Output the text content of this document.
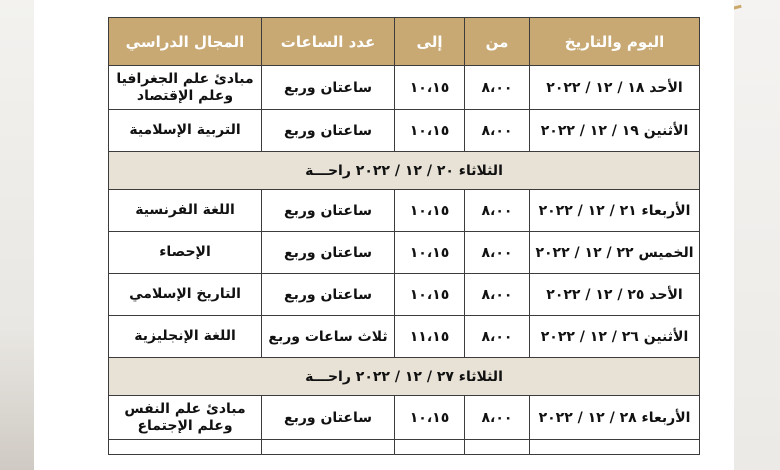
اليوم والتاريخ	من	إلى	عدد الساعات	المجال الدراسي
الأحد ١٨ / ١٢ / ٢٠٢٢	٨،٠٠	١٠،١٥	ساعتان وربع	مبادئ علم الجغرافيا
وعلم الإقتصاد

الأثنين ١٩ / ١٢ / ٢٠٢٢	٨،٠٠	١٠،١٥	ساعتان وربع	التربية الإسلامية
الثلاثاء ٢٠ / ١٢ / ٢٠٢٢ راحـــة				
الأربعاء ٢١ / ١٢ / ٢٠٢٢	٨،٠٠	١٠،١٥	ساعتان وربع	اللغة الفرنسية
الخميس ٢٢ / ١٢ / ٢٠٢٢	٨،٠٠	١٠،١٥	ساعتان وربع	الإحصاء
الأحد ٢٥ / ١٢ / ٢٠٢٢	٨،٠٠	١٠،١٥	ساعتان وربع	التاريخ الإسلامي
الأثنين ٢٦ / ١٢ / ٢٠٢٢	٨،٠٠	١١،١٥	ثلاث ساعات وربع	اللغة الإنجليزية
الثلاثاء ٢٧ / ١٢ / ٢٠٢٢ راحـــة				
الأربعاء ٢٨ / ١٢ / ٢٠٢٢	٨،٠٠	١٠،١٥	ساعتان وربع	مبادئ علم النفس
وعلم الإجتماع
